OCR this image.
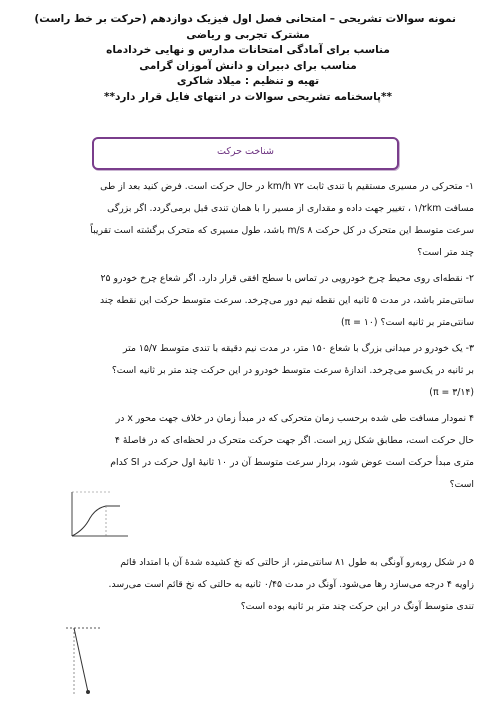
نمونه سوالات تشریحی – امتحانی فصل اول فیزیک دوازدهم (حرکت بر خط راست)
مشترک تجربی و ریاضی
مناسب برای آمادگی امتحانات مدارس و نهایی خردادماه
مناسب برای دبیران و دانش آموزان گرامی
تهیه و تنظیم : میلاد شاکری
**پاسخنامه تشریحی سوالات در انتهای فایل قرار دارد**
شناخت حرکت

۱- متحرکی در مسیری مستقیم با تندی ثابت ۷۲ km/h در حال حرکت است. فرض کنید بعد از طی

مسافت ۱/۲km ، تغییر جهت داده و مقداری از مسیر را با همان تندی قبل برمی‌گردد. اگر بزرگی

سرعت متوسط این متحرک در کل حرکت ۸ m/s باشد، طول مسیری که متحرک برگشته است تقریباً

چند متر است؟

۲- نقطه‌ای روی محیط چرخ خودرویی در تماس با سطح افقی قرار دارد. اگر شعاع چرخ خودرو ۲۵

سانتی‌متر باشد، در مدت ۵ ثانیه این نقطه نیم دور می‌چرخد. سرعت متوسط حرکت این نقطه چند

سانتی‌متر بر ثانیه است؟ (π = ۱۰)

۳- یک خودرو در میدانی بزرگ با شعاع ۱۵۰ متر، در مدت نیم دقیقه با تندی متوسط ۱۵/۷ متر

بر ثانیه در یک‌سو می‌چرخد. اندازهٔ سرعت متوسط خودرو در این حرکت چند متر بر ثانیه است؟

(π = ۳/۱۴)

۴ نمودار مسافت طی شده برحسب زمان متحرکی که در مبدأ زمان در خلاف جهت محور x در

حال حرکت است، مطابق شکل زیر است. اگر جهت حرکت متحرک در لحظه‌ای که در فاصلهٔ ۴

متری مبدأ حرکت است عوض شود، بردار سرعت متوسط آن در ۱۰ ثانیهٔ اول حرکت در SI کدام

است؟

۵ در شکل روبه‌رو آونگی به طول ۸۱ سانتی‌متر، از حالتی که نخ کشیده شدهٔ آن با امتداد قائم

زاویه ۴ درجه می‌سازد رها می‌شود. آونگ در مدت ۰/۴۵ ثانیه به حالتی که نخ قائم است می‌رسد.

تندی متوسط آونگ در این حرکت چند متر بر ثانیه بوده است؟
